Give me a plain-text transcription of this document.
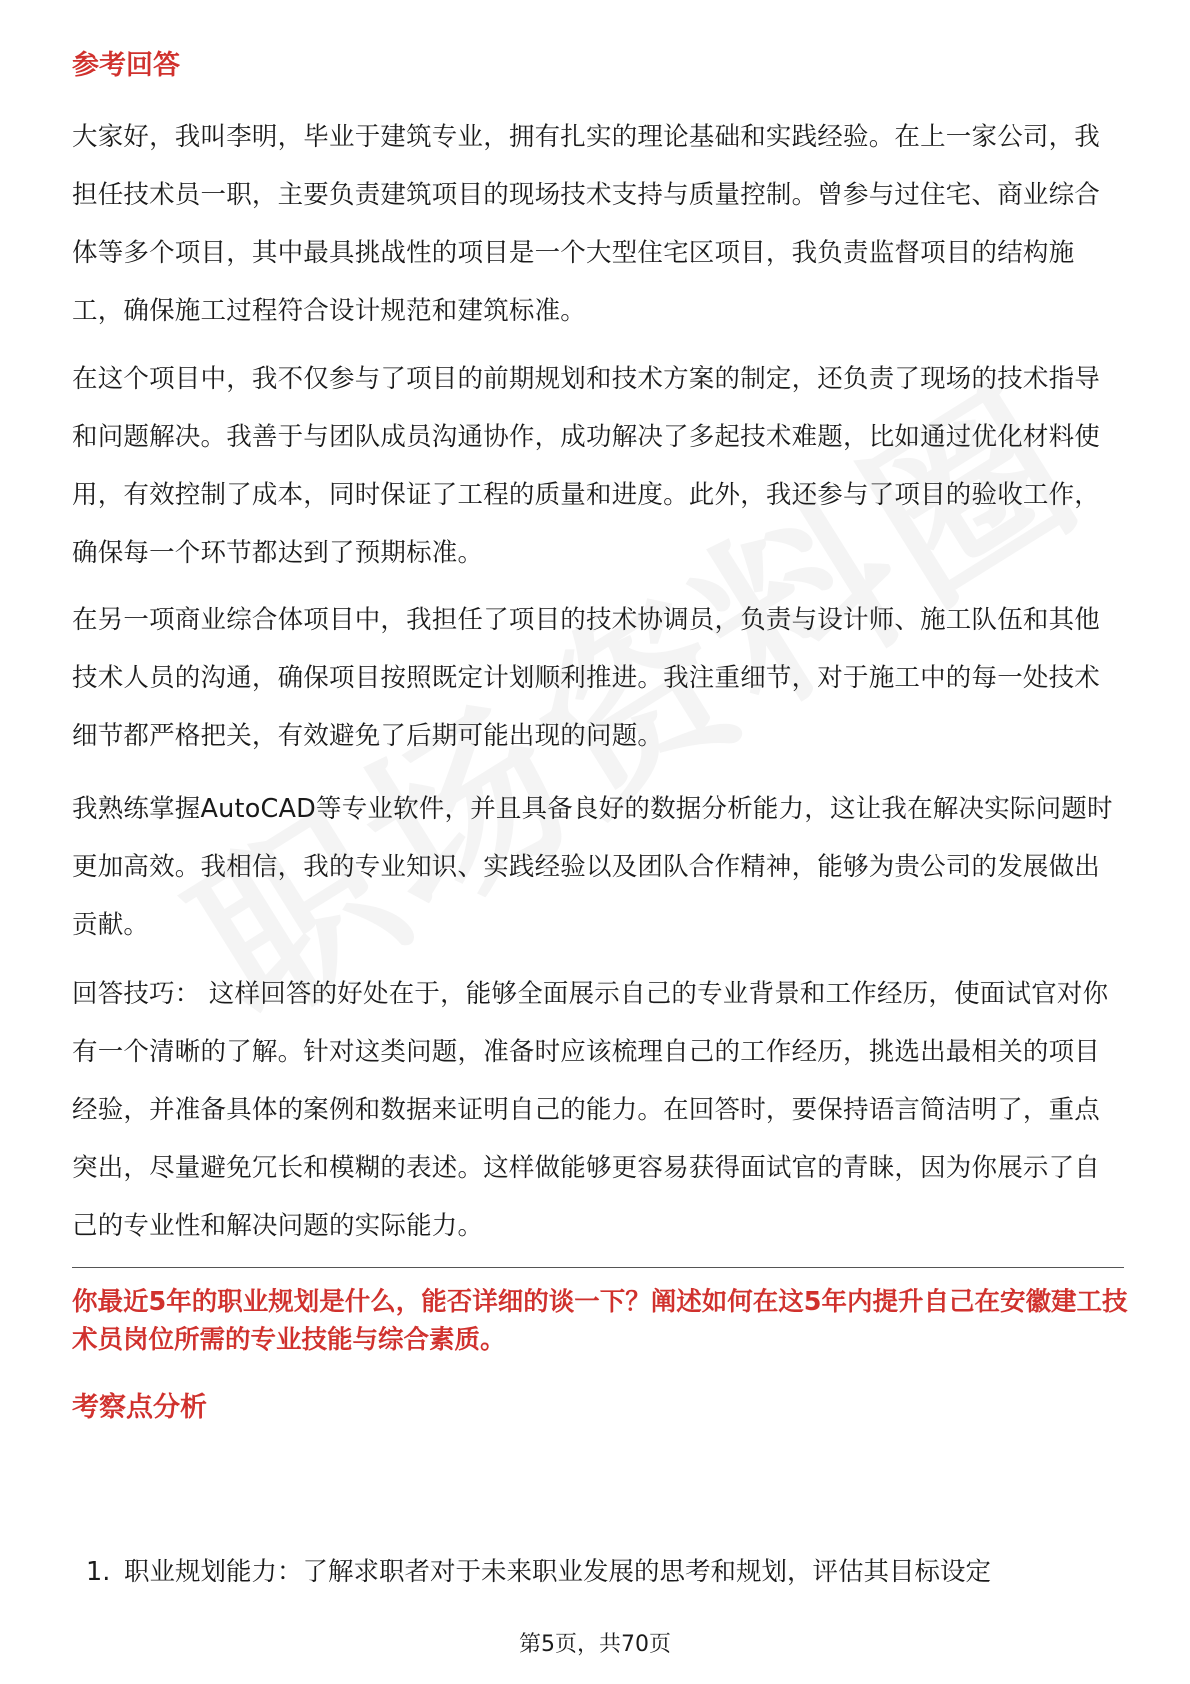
参考回答

大家好，我叫李明，毕业于建筑专业，拥有扎实的理论基础和实践经验。在上一家公司，我担任技术员一职，主要负责建筑项目的现场技术支持与质量控制。曾参与过住宅、商业综合体等多个项目，其中最具挑战性的项目是一个大型住宅区项目，我负责监督项目的结构施工，确保施工过程符合设计规范和建筑标准。

在这个项目中，我不仅参与了项目的前期规划和技术方案的制定，还负责了现场的技术指导和问题解决。我善于与团队成员沟通协作，成功解决了多起技术难题，比如通过优化材料使用，有效控制了成本，同时保证了工程的质量和进度。此外，我还参与了项目的验收工作，确保每一个环节都达到了预期标准。

在另一项商业综合体项目中，我担任了项目的技术协调员，负责与设计师、施工队伍和其他技术人员的沟通，确保项目按照既定计划顺利推进。我注重细节，对于施工中的每一处技术细节都严格把关，有效避免了后期可能出现的问题。

我熟练掌握AutoCAD等专业软件，并且具备良好的数据分析能力，这让我在解决实际问题时更加高效。我相信，我的专业知识、实践经验以及团队合作精神，能够为贵公司的发展做出贡献。

回答技巧： 这样回答的好处在于，能够全面展示自己的专业背景和工作经历，使面试官对你有一个清晰的了解。针对这类问题，准备时应该梳理自己的工作经历，挑选出最相关的项目经验，并准备具体的案例和数据来证明自己的能力。在回答时，要保持语言简洁明了，重点突出，尽量避免冗长和模糊的表述。这样做能够更容易获得面试官的青睐，因为你展示了自己的专业性和解决问题的实际能力。

你最近5年的职业规划是什么，能否详细的谈一下？阐述如何在这5年内提升自己在安徽建工技术员岗位所需的专业技能与综合素质。

考察点分析

1. 职业规划能力：了解求职者对于未来职业发展的思考和规划，评估其目标设定

第5页，共70页
